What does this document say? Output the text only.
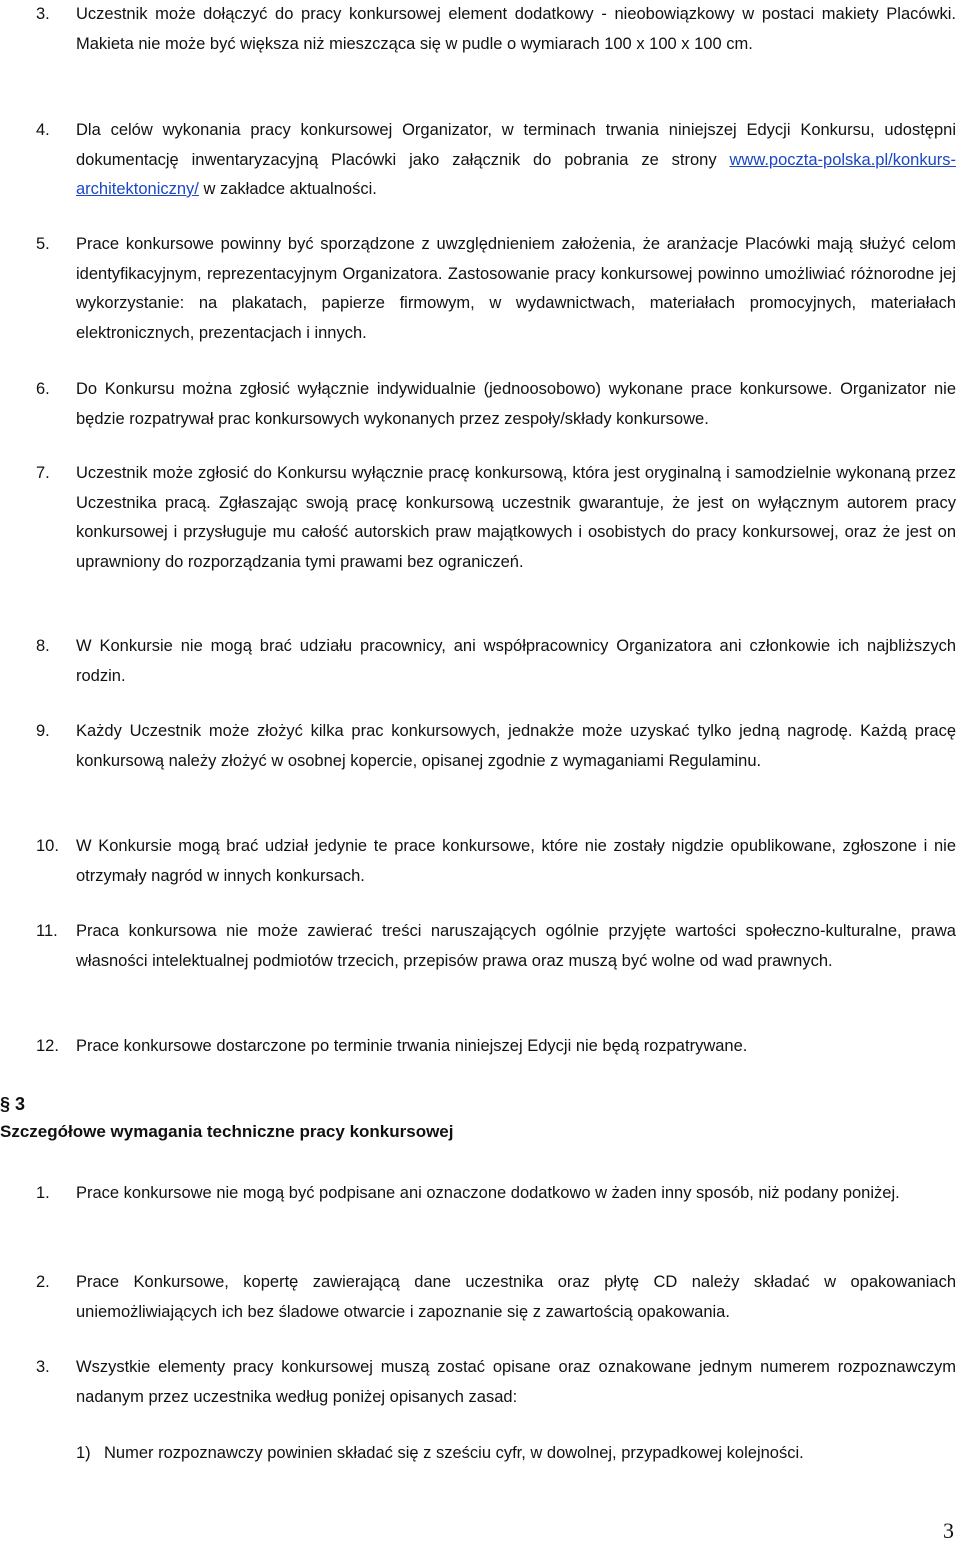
3. Uczestnik może dołączyć do pracy konkursowej element dodatkowy - nieobowiązkowy w postaci makiety Placówki. Makieta nie może być większa niż mieszcząca się w pudle o wymiarach 100 x 100 x 100 cm.
4. Dla celów wykonania pracy konkursowej Organizator, w terminach trwania niniejszej Edycji Konkursu, udostępni dokumentację inwentaryzacyjną Placówki jako załącznik do pobrania ze strony www.poczta-polska.pl/konkurs-architektoniczny/ w zakładce aktualności.
5. Prace konkursowe powinny być sporządzone z uwzględnieniem założenia, że aranżacje Placówki mają służyć celom identyfikacyjnym, reprezentacyjnym Organizatora. Zastosowanie pracy konkursowej powinno umożliwiać różnorodne jej wykorzystanie: na plakatach, papierze firmowym, w wydawnictwach, materiałach promocyjnych, materiałach elektronicznych, prezentacjach i innych.
6. Do Konkursu można zgłosić wyłącznie indywidualnie (jednoosobowo) wykonane prace konkursowe. Organizator nie będzie rozpatrywał prac konkursowych wykonanych przez zespoły/składy konkursowe.
7. Uczestnik może zgłosić do Konkursu wyłącznie pracę konkursową, która jest oryginalną i samodzielnie wykonaną przez Uczestnika pracą. Zgłaszając swoją pracę konkursową uczestnik gwarantuje, że jest on wyłącznym autorem pracy konkursowej i przysługuje mu całość autorskich praw majątkowych i osobistych do pracy konkursowej, oraz że jest on uprawniony do rozporządzania tymi prawami bez ograniczeń.
8. W Konkursie nie mogą brać udziału pracownicy, ani współpracownicy Organizatora ani członkowie ich najbliższych rodzin.
9. Każdy Uczestnik może złożyć kilka prac konkursowych, jednakże może uzyskać tylko jedną nagrodę. Każdą pracę konkursową należy złożyć w osobnej kopercie, opisanej zgodnie z wymaganiami Regulaminu.
10. W Konkursie mogą brać udział jedynie te prace konkursowe, które nie zostały nigdzie opublikowane, zgłoszone i nie otrzymały nagród w innych konkursach.
11. Praca konkursowa nie może zawierać treści naruszających ogólnie przyjęte wartości społeczno-kulturalne, prawa własności intelektualnej podmiotów trzecich, przepisów prawa oraz muszą być wolne od wad prawnych.
12. Prace konkursowe dostarczone po terminie trwania niniejszej Edycji nie będą rozpatrywane.
§ 3
Szczegółowe wymagania techniczne pracy konkursowej
1. Prace konkursowe nie mogą być podpisane ani oznaczone dodatkowo w żaden inny sposób, niż podany poniżej.
2. Prace Konkursowe, kopertę zawierającą dane uczestnika oraz płytę CD należy składać w opakowaniach uniemożliwiających ich bez śladowe otwarcie i zapoznanie się z zawartością opakowania.
3. Wszystkie elementy pracy konkursowej muszą zostać opisane oraz oznakowane jednym numerem rozpoznawczym nadanym przez uczestnika według poniżej opisanych zasad:
1) Numer rozpoznawczy powinien składać się z sześciu cyfr, w dowolnej, przypadkowej kolejności.
3
